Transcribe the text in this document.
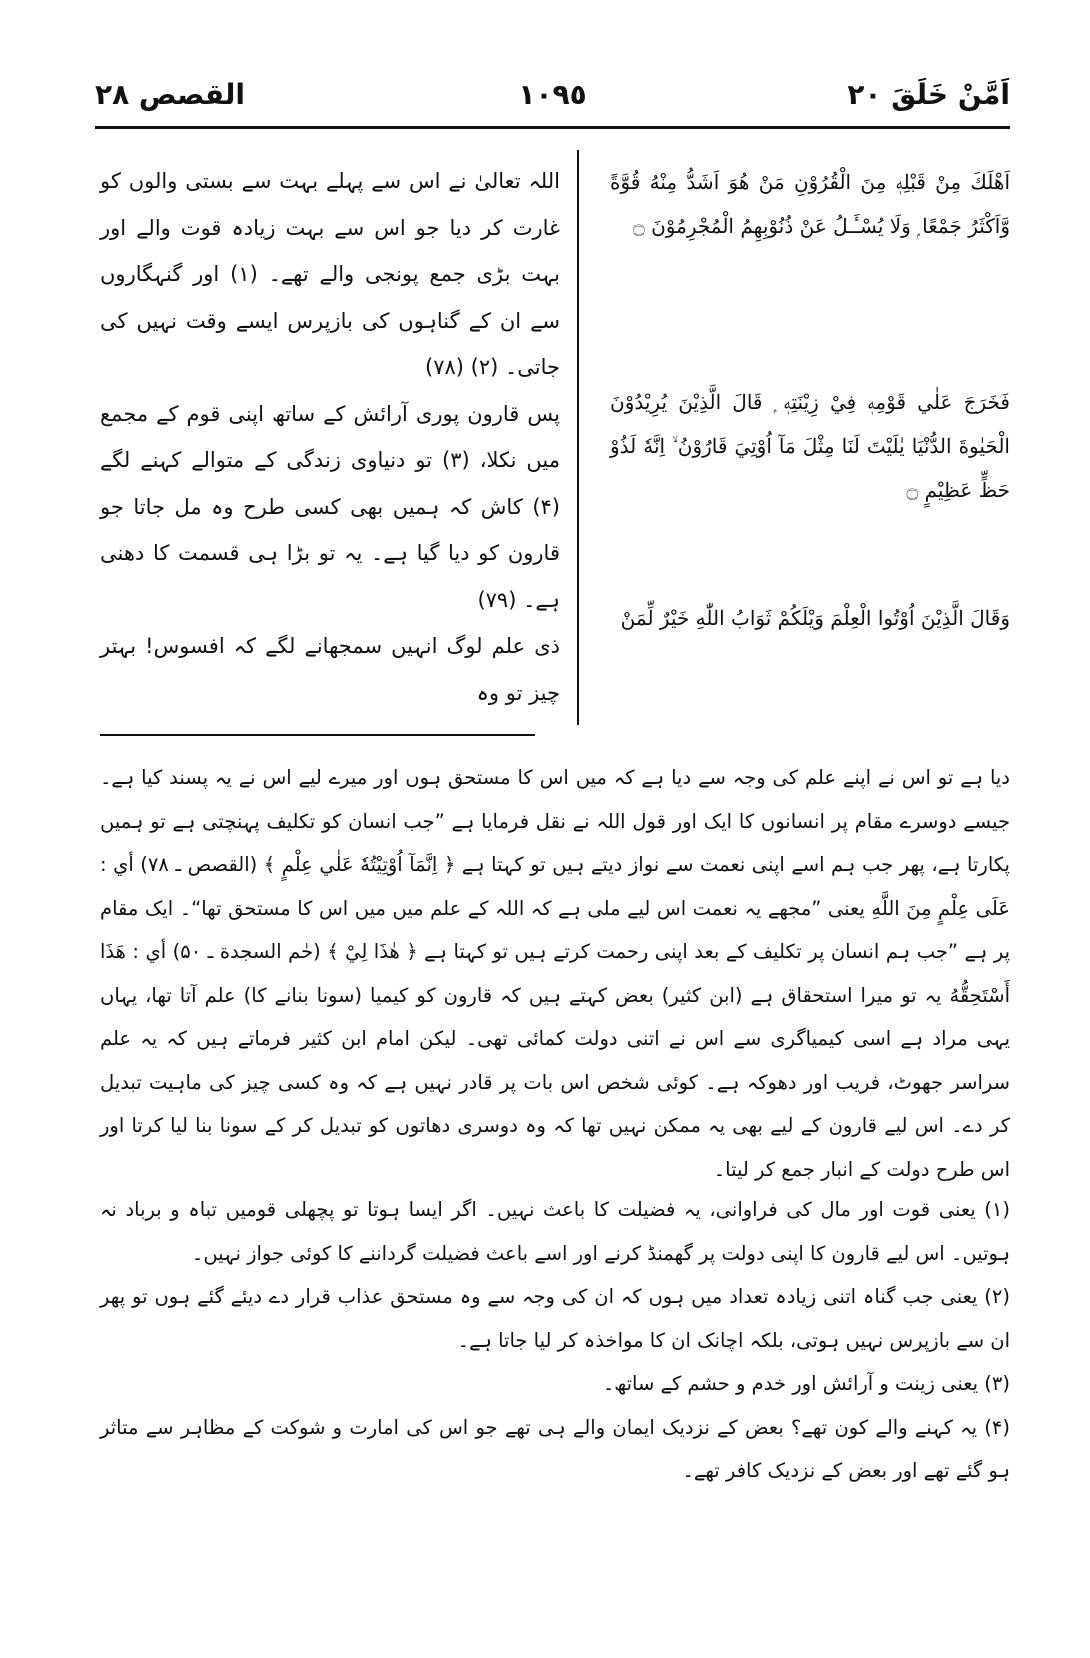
اَمَّنْ خَلَقَ ٢٠
١٠٩٥
القصص ٢٨

اَهْلَكَ مِنْ قَبْلِهٖ مِنَ الْقُرُوْنِ مَنْ هُوَ اَشَدُّ مِنْهُ قُوَّةً وَّاَكْثَرُ جَمْعًا ۭ وَلَا يُسْـَٔـلُ عَنْ ذُنُوْبِهِمُ الْمُجْرِمُوْنَ ۝

فَخَرَجَ عَلٰي قَوْمِهٖ فِيْ زِيْنَتِهٖ ۭ قَالَ الَّذِيْنَ يُرِيْدُوْنَ الْحَيٰوةَ الدُّنْيَا يٰلَيْتَ لَنَا مِثْلَ مَآ اُوْتِيَ قَارُوْنُ ۙ اِنَّهٗ لَذُوْ حَظٍّ عَظِيْمٍ ۝

وَقَالَ الَّذِيْنَ اُوْتُوا الْعِلْمَ وَيْلَكُمْ ثَوَابُ اللّٰهِ خَيْرٌ لِّمَنْ

اللہ تعالیٰ نے اس سے پہلے بہت سے بستی والوں کو غارت کر دیا جو اس سے بہت زیادہ قوت والے اور بہت بڑی جمع پونجی والے تھے۔ (۱) اور گنہگاروں سے ان کے گناہوں کی بازپرس ایسے وقت نہیں کی جاتی۔ (۲) (۷۸)

پس قارون پوری آرائش کے ساتھ اپنی قوم کے مجمع میں نکلا، (۳) تو دنیاوی زندگی کے متوالے کہنے لگے (۴) کاش کہ ہمیں بھی کسی طرح وہ مل جاتا جو قارون کو دیا گیا ہے۔ یہ تو بڑا ہی قسمت کا دھنی ہے۔ (۷۹)

ذی علم لوگ انہیں سمجھانے لگے کہ افسوس! بہتر چیز تو وہ

دیا ہے تو اس نے اپنے علم کی وجہ سے دیا ہے کہ میں اس کا مستحق ہوں اور میرے لیے اس نے یہ پسند کیا ہے۔ جیسے دوسرے مقام پر انسانوں کا ایک اور قول اللہ نے نقل فرمایا ہے ”جب انسان کو تکلیف پہنچتی ہے تو ہمیں پکارتا ہے، پھر جب ہم اسے اپنی نعمت سے نواز دیتے ہیں تو کہتا ہے ﴿ اِنَّمَآ اُوْتِيْتُهٗ عَلٰي عِلْمٍ ﴾ (القصص ـ ۷۸) أي : عَلَى عِلْمٍ مِنَ اللَّهِ یعنی ”مجھے یہ نعمت اس لیے ملی ہے کہ اللہ کے علم میں میں اس کا مستحق تھا“۔ ایک مقام پر ہے ”جب ہم انسان پر تکلیف کے بعد اپنی رحمت کرتے ہیں تو کہتا ہے ﴿ هٰذَا لِيْ ﴾ (حٰم السجدة ـ ۵۰) أي : هَذَا أَسْتَحِقُّهُ یہ تو میرا استحقاق ہے (ابن کثیر) بعض کہتے ہیں کہ قارون کو کیمیا (سونا بنانے کا) علم آتا تھا، یہاں یہی مراد ہے اسی کیمیاگری سے اس نے اتنی دولت کمائی تھی۔ لیکن امام ابن کثیر فرماتے ہیں کہ یہ علم سراسر جھوٹ، فریب اور دھوکہ ہے۔ کوئی شخص اس بات پر قادر نہیں ہے کہ وہ کسی چیز کی ماہیت تبدیل کر دے۔ اس لیے قارون کے لیے بھی یہ ممکن نہیں تھا کہ وہ دوسری دھاتوں کو تبدیل کر کے سونا بنا لیا کرتا اور اس طرح دولت کے انبار جمع کر لیتا۔

(۱) یعنی قوت اور مال کی فراوانی، یہ فضیلت کا باعث نہیں۔ اگر ایسا ہوتا تو پچھلی قومیں تباہ و برباد نہ ہوتیں۔ اس لیے قارون کا اپنی دولت پر گھمنڈ کرنے اور اسے باعث فضیلت گرداننے کا کوئی جواز نہیں۔

(۲) یعنی جب گناہ اتنی زیادہ تعداد میں ہوں کہ ان کی وجہ سے وہ مستحق عذاب قرار دے دیئے گئے ہوں تو پھر ان سے بازپرس نہیں ہوتی، بلکہ اچانک ان کا مواخذہ کر لیا جاتا ہے۔

(۳) یعنی زینت و آرائش اور خدم و حشم کے ساتھ۔

(۴) یہ کہنے والے کون تھے؟ بعض کے نزدیک ایمان والے ہی تھے جو اس کی امارت و شوکت کے مظاہر سے متاثر ہو گئے تھے اور بعض کے نزدیک کافر تھے۔
